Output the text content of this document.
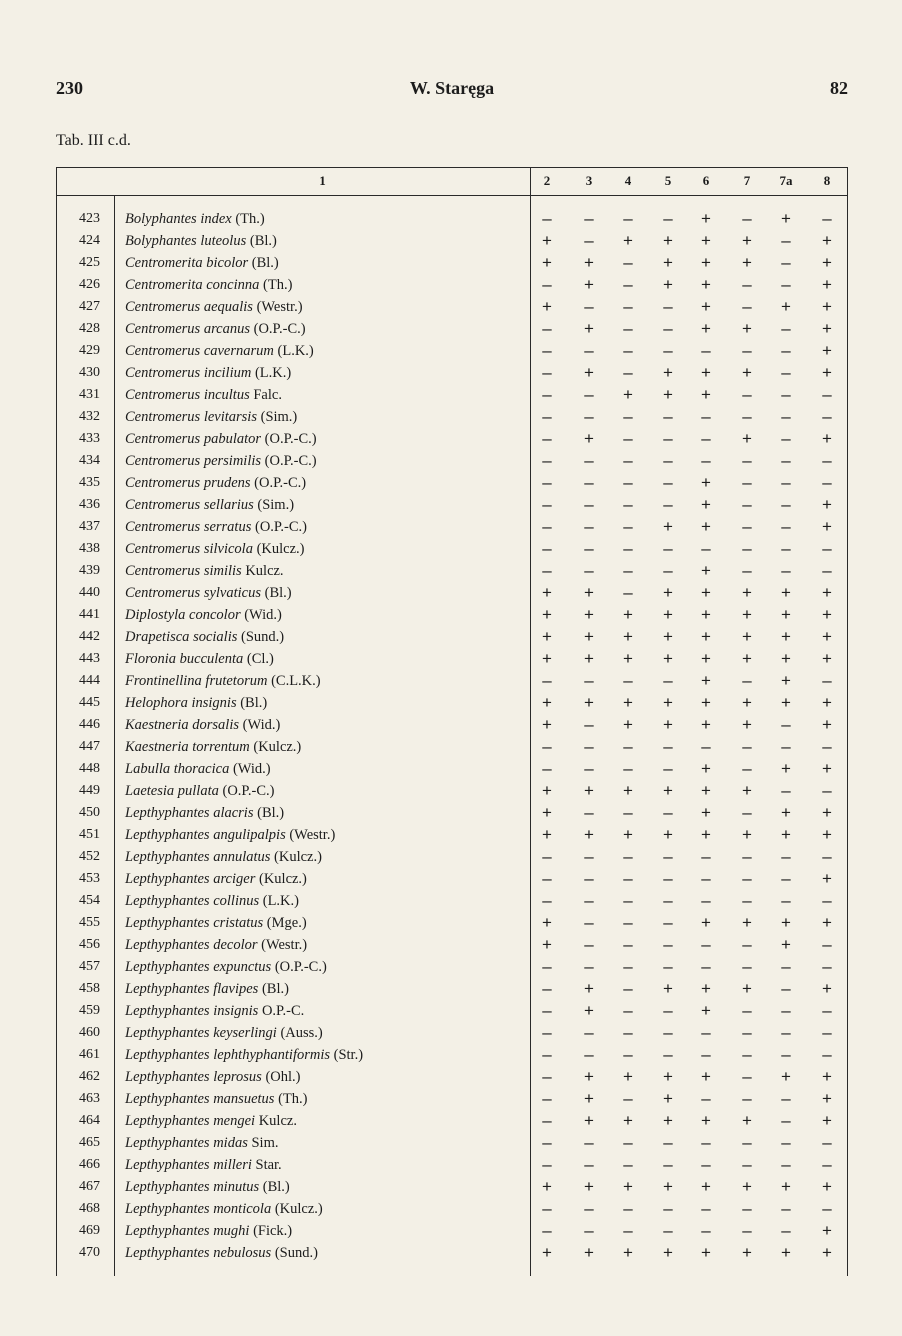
230	W. Staręga	82
Tab. III c.d.
1	2	3	4	5	6	7	7a	8
423 Bolyphantes index (Th.)	–	–	–	–	+	–	+	–
424 Bolyphantes luteolus (Bl.)	+	–	+ + + +	–	+
425 Centromerita bicolor (Bl.)	+ +	–	+ + +	–	+
426 Centromerita concinna (Th.)	–	+	–	+ +	–	–	+
427 Centromerus aequalis (Westr.)	+	–	–	–	+	–	+ +
428 Centromerus arcanus (O.P.-C.)	–	+	–	–	+ +	–	+
429 Centromerus cavernarum (L.K.)	–	–	–	–	–	–	–	+
430 Centromerus incilium (L.K.)	–	+	–	+ + +	–	+
431 Centromerus incultus Falc.	–	–	+ + +	–	–	–
432 Centromerus levitarsis (Sim.)	–	–	–	–	–	–	–	–
433 Centromerus pabulator (O.P.-C.)	–	+	–	–	–	+	–	+
434 Centromerus persimilis (O.P.-C.)	–	–	–	–	–	–	–	–
435 Centromerus prudens (O.P.-C.)	–	–	–	–	+	–	–	–
436 Centromerus sellarius (Sim.)	–	–	–	–	+	–	–	+
437 Centromerus serratus (O.P.-C.)	–	–	–	+ +	–	–	+
438 Centromerus silvicola (Kulcz.)	–	–	–	–	–	–	–	–
439 Centromerus similis Kulcz.	–	–	–	–	+	–	–	–
440 Centromerus sylvaticus (Bl.)	+ +	–	+ + + + +
441 Diplostyla concolor (Wid.)	+ + + + + + + +
442 Drapetisca socialis (Sund.)	+ + + + + + + +
443 Floronia bucculenta (Cl.)	+ + + + + + + +
444 Frontinellina frutetorum (C.L.K.)	–	–	–	–	+	–	+	–
445 Helophora insignis (Bl.)	+ + + + + + + +
446 Kaestneria dorsalis (Wid.)	+	–	+ + + +	–	+
447 Kaestneria torrentum (Kulcz.)	–	–	–	–	–	–	–	–
448 Labulla thoracica (Wid.)	–	–	–	–	+	–	+ +
449 Laetesia pullata (O.P.-C.)	+ + + + + +	–	–
450 Lepthyphantes alacris (Bl.)	+	–	–	–	+	–	+ +
451 Lepthyphantes angulipalpis (Westr.)	+ + + + + + + +
452 Lepthyphantes annulatus (Kulcz.)	–	–	–	–	–	–	–	–
453 Lepthyphantes arciger (Kulcz.)	–	–	–	–	–	–	–	+
454 Lepthyphantes collinus (L.K.)	–	–	–	–	–	–	–	–
455 Lepthyphantes cristatus (Mge.)	+	–	–	–	+ + + +
456 Lepthyphantes decolor (Westr.)	+	–	–	–	–	–	+	–
457 Lepthyphantes expunctus (O.P.-C.)	–	–	–	–	–	–	–	–
458 Lepthyphantes flavipes (Bl.)	–	+	–	+ + +	–	+
459 Lepthyphantes insignis O.P.-C.	–	+	–	–	+	–	–	–
460 Lepthyphantes keyserlingi (Auss.)	–	–	–	–	–	–	–	–
461 Lepthyphantes lephthyphantiformis (Str.)	–	–	–	–	–	–	–	–
462 Lepthyphantes leprosus (Ohl.)	–	+ + + +	–	+ +
463 Lepthyphantes mansuetus (Th.)	–	+	–	+	–	–	–	+
464 Lepthyphantes mengei Kulcz.	–	+ + + + +	–	+
465 Lepthyphantes midas Sim.	–	–	–	–	–	–	–	–
466 Lepthyphantes milleri Star.	–	–	–	–	–	–	–	–
467 Lepthyphantes minutus (Bl.)	+ + + + + + + +
468 Lepthyphantes monticola (Kulcz.)	–	–	–	–	–	–	–	–
469 Lepthyphantes mughi (Fick.)	–	–	–	–	–	–	–	+
470 Lepthyphantes nebulosus (Sund.)	+ + + + + + + +
